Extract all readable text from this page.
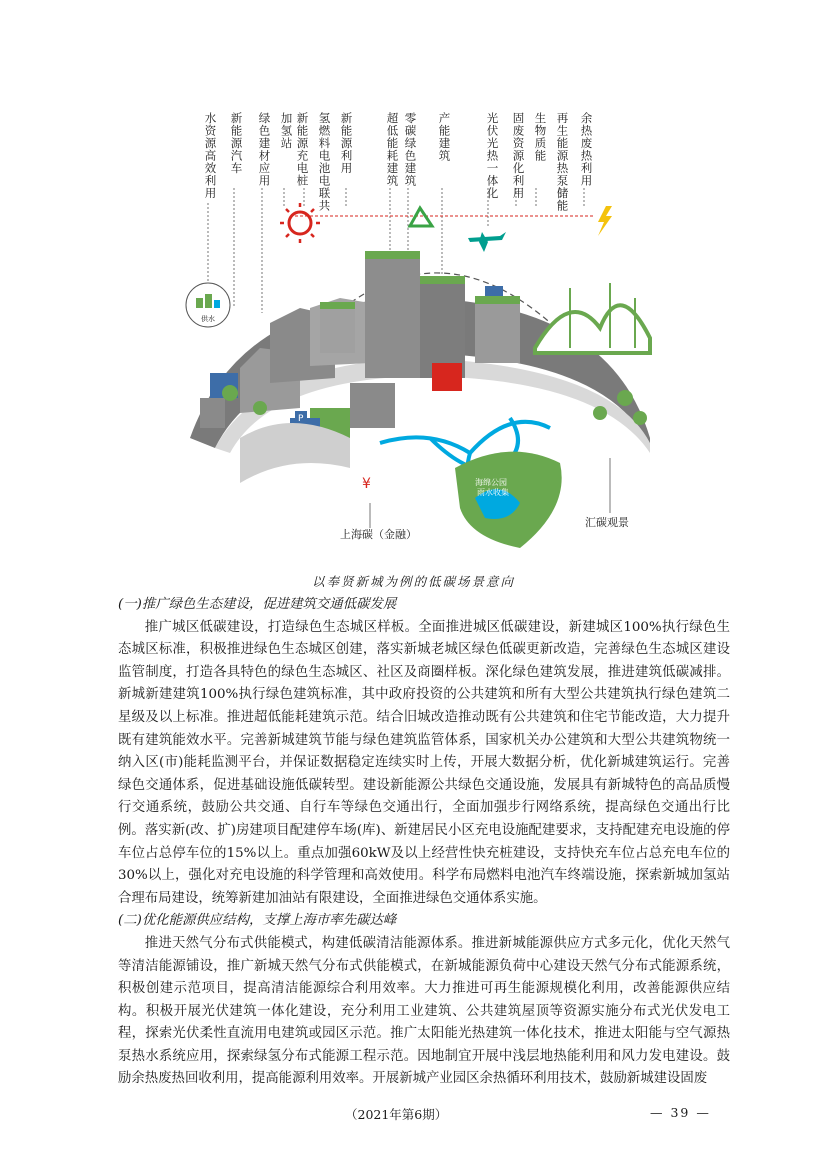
水资源高效利用 新能源汽车 绿色建材应用 加氢站 新能源充电桩 氢燃料电池电联共 新能源利用	超低能耗建筑 零碳绿色建筑 产能建筑	光伏光热一体化 固废资源化利用 生物质能 再生能源热泵储能 余热废热利用
供水
P
海绵公园
雨水收集
¥
上海碳（金融）
汇碳观景
以奉贤新城为例的低碳场景意向

(一)推广绿色生态建设，促进建筑交通低碳发展

推广城区低碳建设，打造绿色生态城区样板。全面推进城区低碳建设，新建城区100%执行绿色生态城区标准，积极推进绿色生态城区创建，落实新城老城区绿色低碳更新改造，完善绿色生态城区建设监管制度，打造各具特色的绿色生态城区、社区及商圈样板。深化绿色建筑发展，推进建筑低碳减排。新城新建建筑100%执行绿色建筑标准，其中政府投资的公共建筑和所有大型公共建筑执行绿色建筑二星级及以上标准。推进超低能耗建筑示范。结合旧城改造推动既有公共建筑和住宅节能改造，大力提升既有建筑能效水平。完善新城建筑节能与绿色建筑监管体系，国家机关办公建筑和大型公共建筑物统一纳入区(市)能耗监测平台，并保证数据稳定连续实时上传，开展大数据分析，优化新城建筑运行。完善绿色交通体系，促进基础设施低碳转型。建设新能源公共绿色交通设施，发展具有新城特色的高品质慢行交通系统，鼓励公共交通、自行车等绿色交通出行，全面加强步行网络系统，提高绿色交通出行比例。落实新(改、扩)房建项目配建停车场(库)、新建居民小区充电设施配建要求，支持配建充电设施的停车位占总停车位的15%以上。重点加强60kW及以上经营性快充桩建设，支持快充车位占总充电车位的30%以上，强化对充电设施的科学管理和高效使用。科学布局燃料电池汽车终端设施，探索新城加氢站合理布局建设，统筹新建加油站有限建设，全面推进绿色交通体系实施。

(二)优化能源供应结构，支撑上海市率先碳达峰

推进天然气分布式供能模式，构建低碳清洁能源体系。推进新城能源供应方式多元化，优化天然气等清洁能源铺设，推广新城天然气分布式供能模式，在新城能源负荷中心建设天然气分布式能源系统，积极创建示范项目，提高清洁能源综合利用效率。大力推进可再生能源规模化利用，改善能源供应结构。积极开展光伏建筑一体化建设，充分利用工业建筑、公共建筑屋顶等资源实施分布式光伏发电工程，探索光伏柔性直流用电建筑或园区示范。推广太阳能光热建筑一体化技术，推进太阳能与空气源热泵热水系统应用，探索绿氢分布式能源工程示范。因地制宜开展中浅层地热能利用和风力发电建设。鼓励余热废热回收利用，提高能源利用效率。开展新城产业园区余热循环利用技术，鼓励新城建设固废

（2021年第6期）	— 39 —
